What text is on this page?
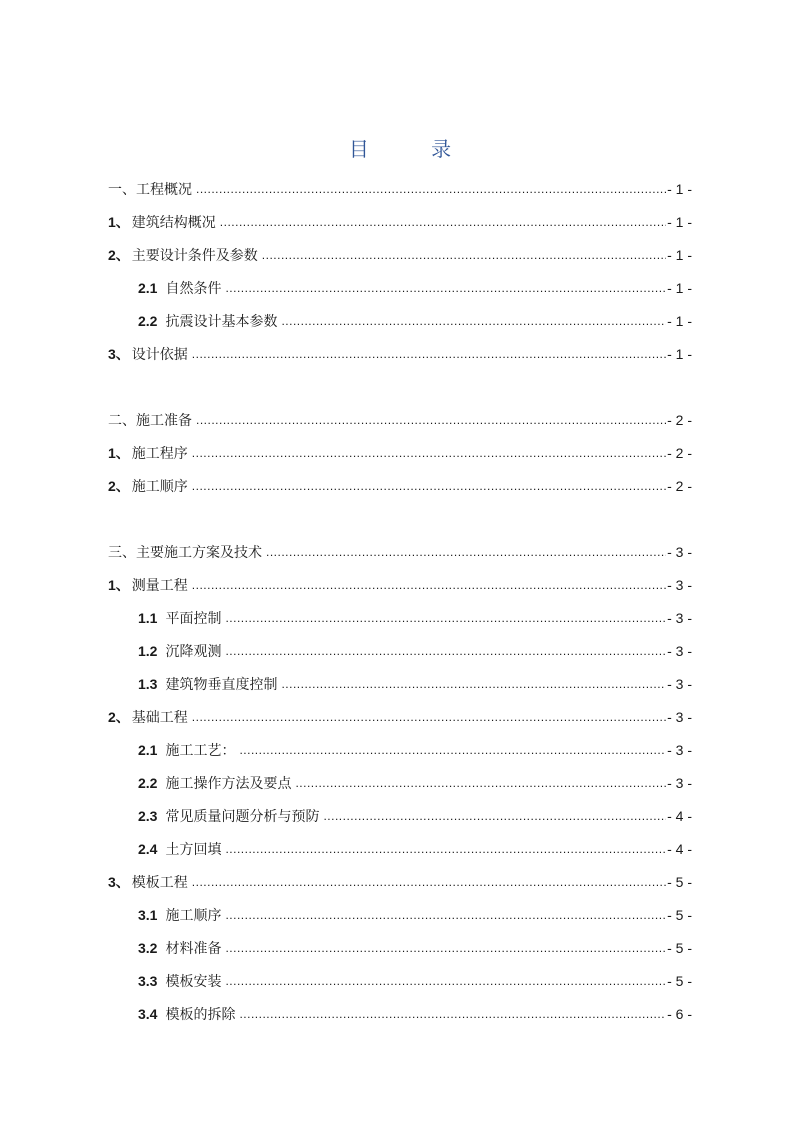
目 录
一、工程概况 .....	- 1 -
1、 建筑结构概况 .....	- 1 -
2、 主要设计条件及参数 .....	- 1 -
2.1 自然条件 .....	- 1 -
2.2 抗震设计基本参数 .....	- 1 -
3、 设计依据 .....	- 1 -
二、施工准备 .....	- 2 -
1、 施工程序 .....	- 2 -
2、 施工顺序 .....	- 2 -
三、主要施工方案及技术 .....	- 3 -
1、 测量工程 .....	- 3 -
1.1 平面控制 .....	- 3 -
1.2 沉降观测 .....	- 3 -
1.3 建筑物垂直度控制 .....	- 3 -
2、 基础工程 .....	- 3 -
2.1 施工工艺： .....	- 3 -
2.2 施工操作方法及要点 .....	- 3 -
2.3 常见质量问题分析与预防 .....	- 4 -
2.4 土方回填 .....	- 4 -
3、 模板工程 .....	- 5 -
3.1 施工顺序 .....	- 5 -
3.2 材料准备 .....	- 5 -
3.3 模板安装 .....	- 5 -
3.4 模板的拆除 .....	- 6 -
